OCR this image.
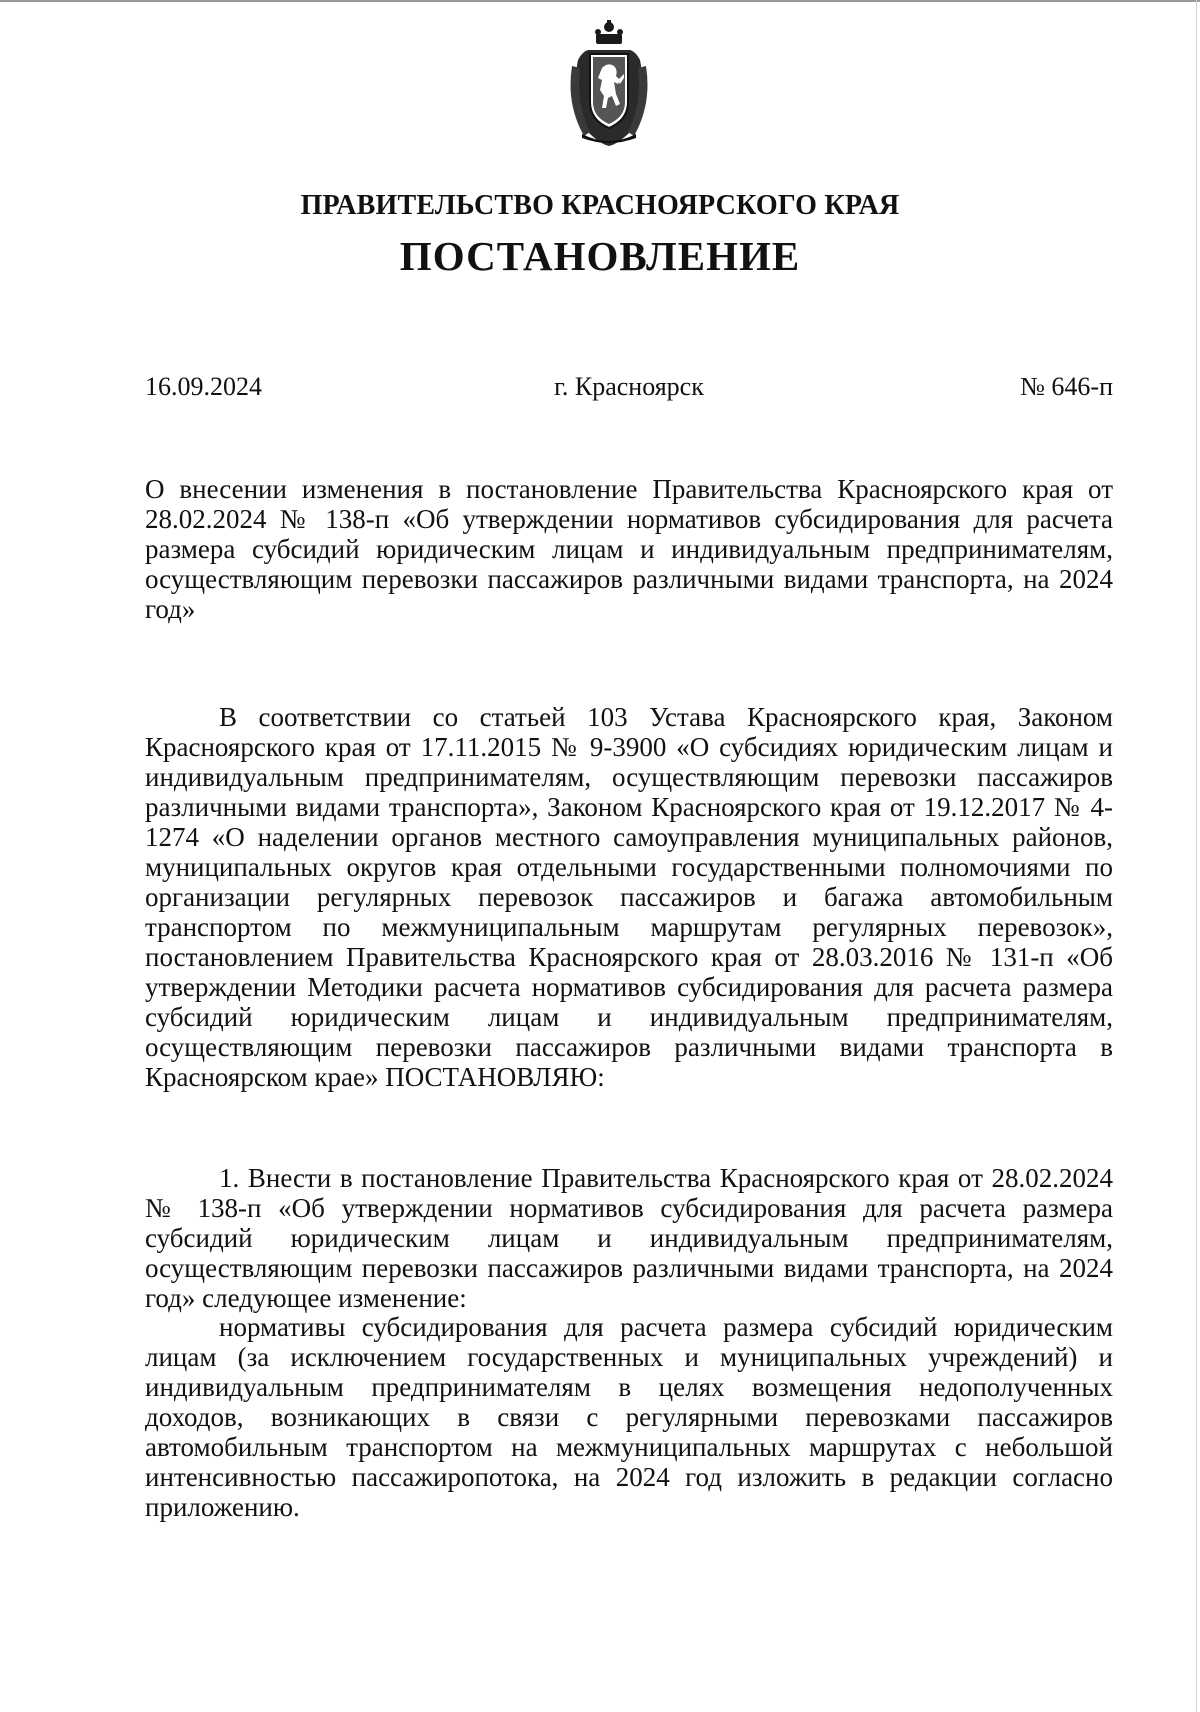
ПРАВИТЕЛЬСТВО КРАСНОЯРСКОГО КРАЯ
ПОСТАНОВЛЕНИЕ
16.09.2024	г. Красноярск	№ 646-п

О внесении изменения в постановление Правительства Красноярского края от 28.02.2024 № 138-п «Об утверждении нормативов субсидирования для расчета размера субсидий юридическим лицам и индивидуальным предпринимателям, осуществляющим перевозки пассажиров различными видами транспорта, на 2024 год»

В соответствии со статьей 103 Устава Красноярского края, Законом Красноярского края от 17.11.2015 № 9-3900 «О субсидиях юридическим лицам и индивидуальным предпринимателям, осуществляющим перевозки пассажиров различными видами транспорта», Законом Красноярского края от 19.12.2017 № 4-1274 «О наделении органов местного самоуправления муниципальных районов, муниципальных округов края отдельными государственными полномочиями по организации регулярных перевозок пассажиров и багажа автомобильным транспортом по межмуниципальным маршрутам регулярных перевозок», постановлением Правительства Красноярского края от 28.03.2016 № 131-п «Об утверждении Методики расчета нормативов субсидирования для расчета размера субсидий юридическим лицам и индивидуальным предпринимателям, осуществляющим перевозки пассажиров различными видами транспорта в Красноярском крае» ПОСТАНОВЛЯЮ:

1. Внести в постановление Правительства Красноярского края от 28.02.2024 № 138-п «Об утверждении нормативов субсидирования для расчета размера субсидий юридическим лицам и индивидуальным предпринимателям, осуществляющим перевозки пассажиров различными видами транспорта, на 2024 год» следующее изменение:

нормативы субсидирования для расчета размера субсидий юридическим лицам (за исключением государственных и муниципальных учреждений) и индивидуальным предпринимателям в целях возмещения недополученных доходов, возникающих в связи с регулярными перевозками пассажиров автомобильным транспортом на межмуниципальных маршрутах с небольшой интенсивностью пассажиропотока, на 2024 год изложить в редакции согласно приложению.
